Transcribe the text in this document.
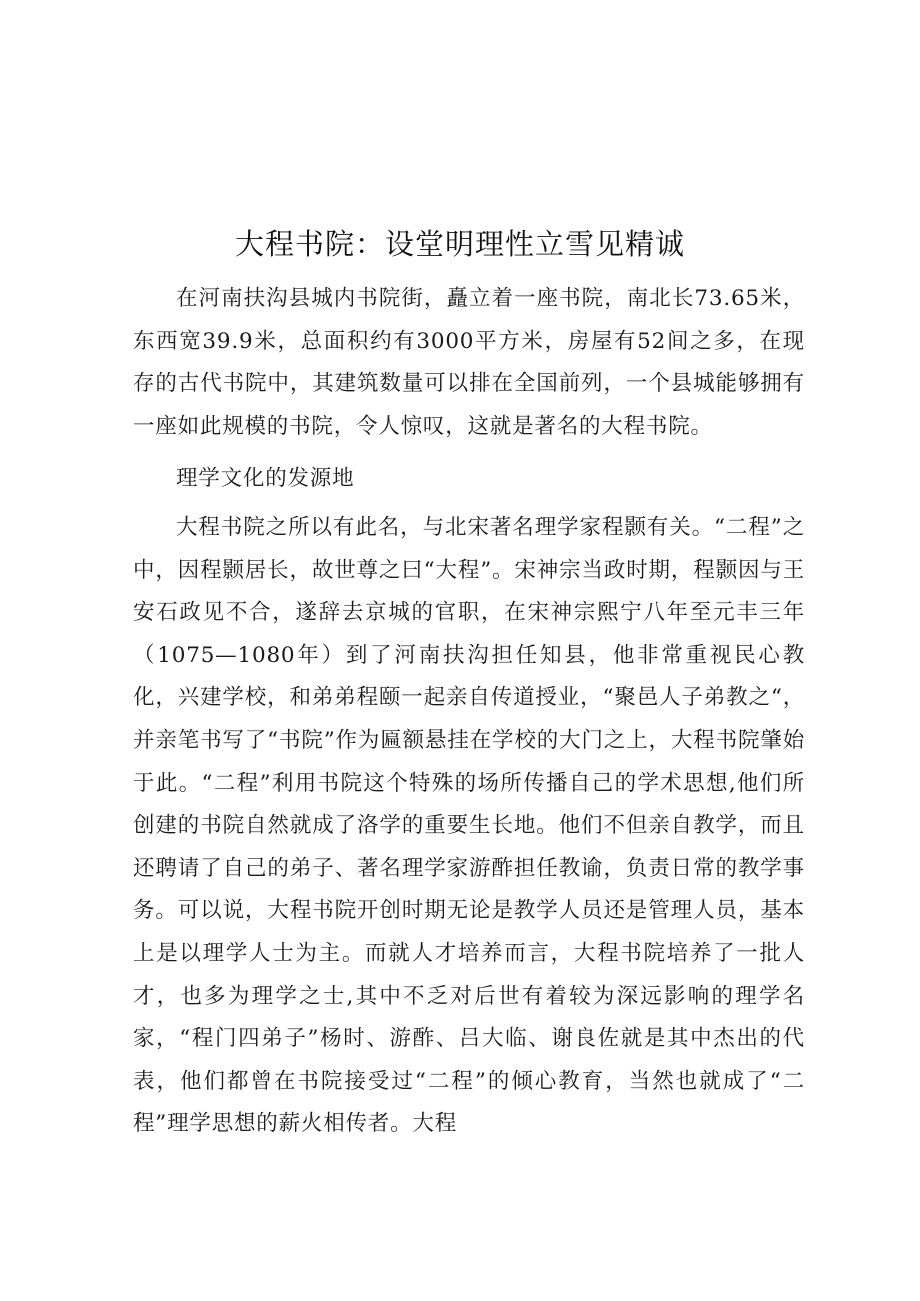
大程书院：设堂明理性立雪见精诚

在河南扶沟县城内书院街，矗立着一座书院，南北长73.65米，东西宽39.9米，总面积约有3000平方米，房屋有52间之多，在现存的古代书院中，其建筑数量可以排在全国前列，一个县城能够拥有一座如此规模的书院，令人惊叹，这就是著名的大程书院。

理学文化的发源地

大程书院之所以有此名，与北宋著名理学家程颢有关。“二程”之中，因程颢居长，故世尊之曰“大程”。宋神宗当政时期，程颢因与王安石政见不合，遂辞去京城的官职，在宋神宗熙宁八年至元丰三年（1075—1080年）到了河南扶沟担任知县，他非常重视民心教化，兴建学校，和弟弟程颐一起亲自传道授业，“聚邑人子弟教之“，并亲笔书写了“书院”作为匾额悬挂在学校的大门之上，大程书院肇始于此。“二程”利用书院这个特殊的场所传播自己的学术思想,他们所创建的书院自然就成了洛学的重要生长地。他们不但亲自教学，而且还聘请了自己的弟子、著名理学家游酢担任教谕，负责日常的教学事务。可以说，大程书院开创时期无论是教学人员还是管理人员，基本上是以理学人士为主。而就人才培养而言，大程书院培养了一批人才，也多为理学之士,其中不乏对后世有着较为深远影响的理学名家，“程门四弟子”杨时、游酢、吕大临、谢良佐就是其中杰出的代表，他们都曾在书院接受过“二程”的倾心教育，当然也就成了“二程”理学思想的薪火相传者。大程
